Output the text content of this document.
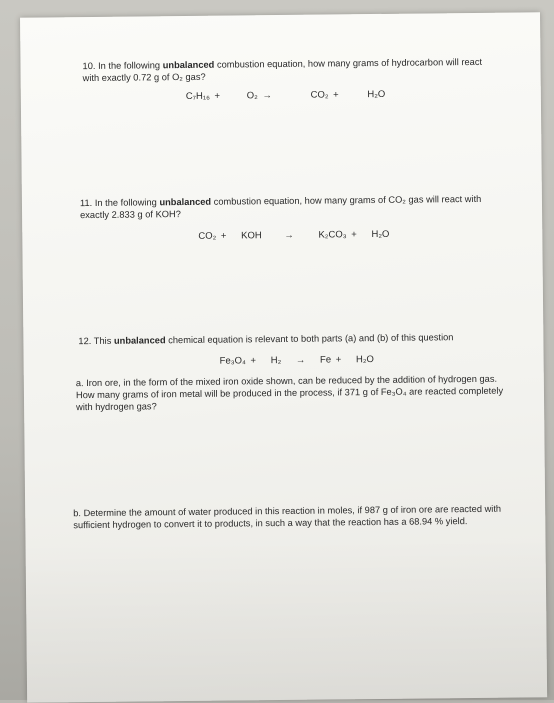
10. In the following unbalanced combustion equation, how many grams of hydrocarbon will react with exactly 0.72 g of O₂ gas?
C₇H₁₆ +	O₂ →	CO₂ +	H₂O
11. In the following unbalanced combustion equation, how many grams of CO₂ gas will react with exactly 2.833 g of KOH?
CO₂ + KOH →	K₂CO₃ + H₂O
12. This unbalanced chemical equation is relevant to both parts (a) and (b) of this question
Fe₃O₄ + H₂ → Fe + H₂O
a. Iron ore, in the form of the mixed iron oxide shown, can be reduced by the addition of hydrogen gas. How many grams of iron metal will be produced in the process, if 371 g of Fe₃O₄ are reacted completely with hydrogen gas?
b. Determine the amount of water produced in this reaction in moles, if 987 g of iron ore are reacted with sufficient hydrogen to convert it to products, in such a way that the reaction has a 68.94 % yield.
